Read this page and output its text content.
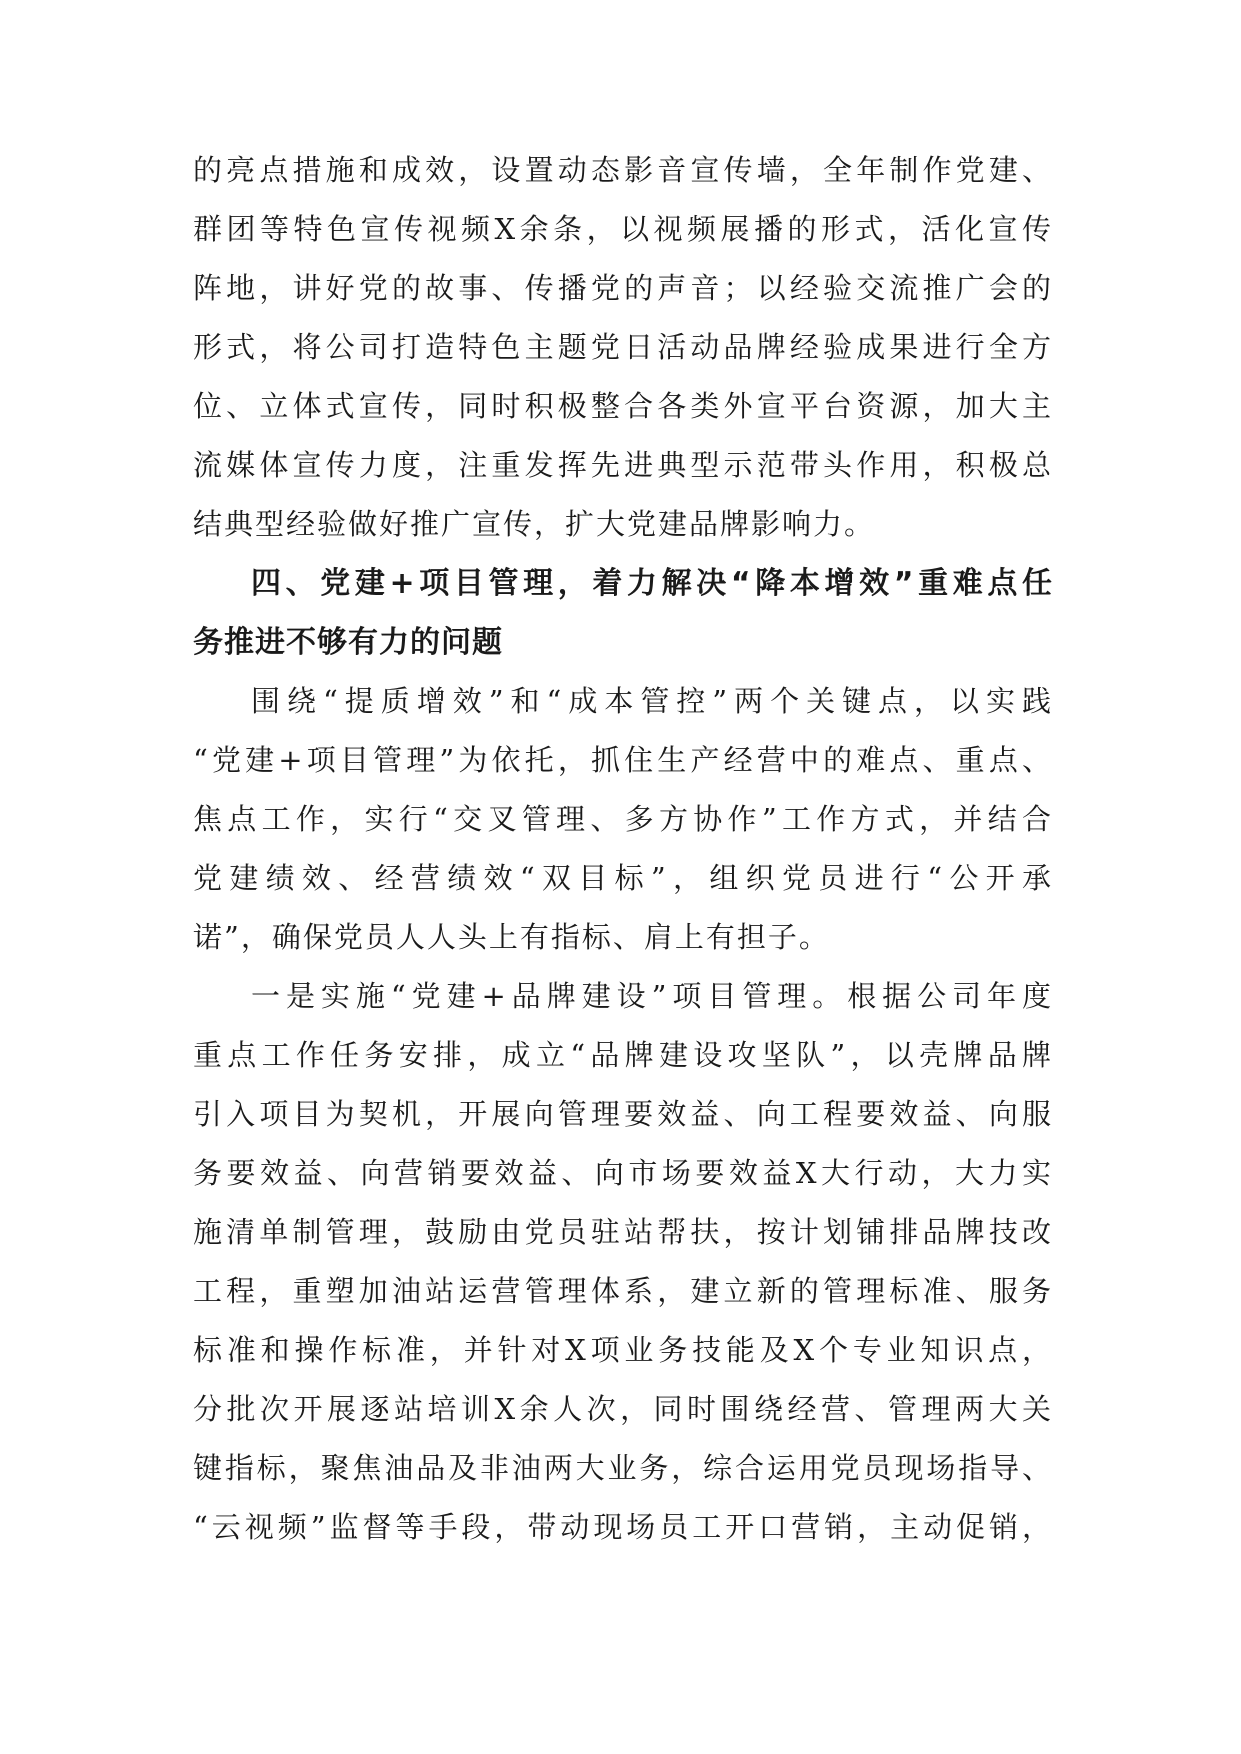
的亮点措施和成效，设置动态影音宣传墙，全年制作党建、
群团等特色宣传视频X余条，以视频展播的形式，活化宣传
阵地，讲好党的故事、传播党的声音；以经验交流推广会的
形式，将公司打造特色主题党日活动品牌经验成果进行全方
位、立体式宣传，同时积极整合各类外宣平台资源，加大主
流媒体宣传力度，注重发挥先进典型示范带头作用，积极总
结典型经验做好推广宣传，扩大党建品牌影响力。
四、党建+项目管理，着力解决“降本增效”重难点任
务推进不够有力的问题
围绕“提质增效”和“成本管控”两个关键点，以实践
“党建+项目管理”为依托，抓住生产经营中的难点、重点、
焦点工作，实行“交叉管理、多方协作”工作方式，并结合
党建绩效、经营绩效“双目标”，组织党员进行“公开承
诺”，确保党员人人头上有指标、肩上有担子。
一是实施“党建+品牌建设”项目管理。根据公司年度
重点工作任务安排，成立“品牌建设攻坚队”，以壳牌品牌
引入项目为契机，开展向管理要效益、向工程要效益、向服
务要效益、向营销要效益、向市场要效益X大行动，大力实
施清单制管理，鼓励由党员驻站帮扶，按计划铺排品牌技改
工程，重塑加油站运营管理体系，建立新的管理标准、服务
标准和操作标准，并针对X项业务技能及X个专业知识点，
分批次开展逐站培训X余人次，同时围绕经营、管理两大关
键指标，聚焦油品及非油两大业务，综合运用党员现场指导、
“云视频”监督等手段，带动现场员工开口营销，主动促销，
